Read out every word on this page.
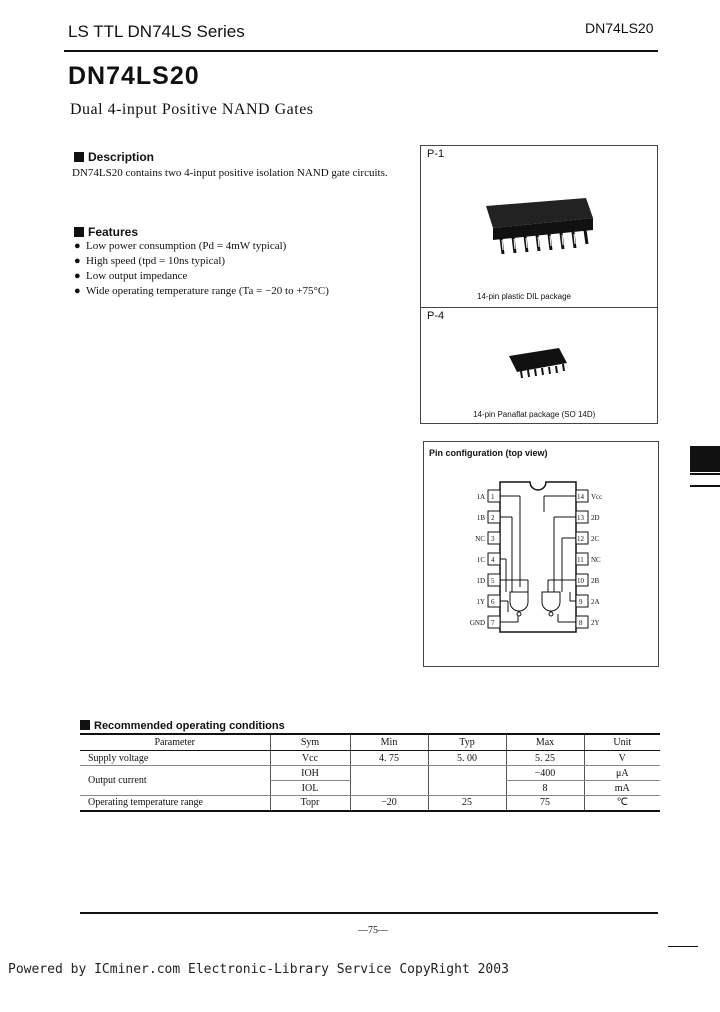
LS TTL DN74LS Series	DN74LS20
DN74LS20
Dual 4-input Positive NAND Gates
Description
DN74LS20 contains two 4-input positive isolation NAND gate circuits.
Features
● Low power consumption (Pd = 4mW typical)
● High speed (tpd = 10ns typical)
● Low output impedance
● Wide operating temperature range (Ta = −20 to +75°C)
P-1
14-pin plastic DIL package
P-4
14-pin Panaflat package (SO 14D)
Pin configuration (top view)
1
2
3
4
5
6
7
14
13
12
11
10
9
8
1A
1B
NC
1C
1D
1Y
GND
Vcc
2D
2C
NC
2B
2A
2Y
Recommended operating conditions
Parameter	Sym	Min	Typ	Max	Unit
Supply voltage	Vcc	4. 75	5. 00	5. 25	V
Output current	IOH			−400	μA
	IOL			8	mA
Operating temperature range	Topr	−20	25	75	℃
—75—
Powered by ICminer.com Electronic-Library Service CopyRight 2003
